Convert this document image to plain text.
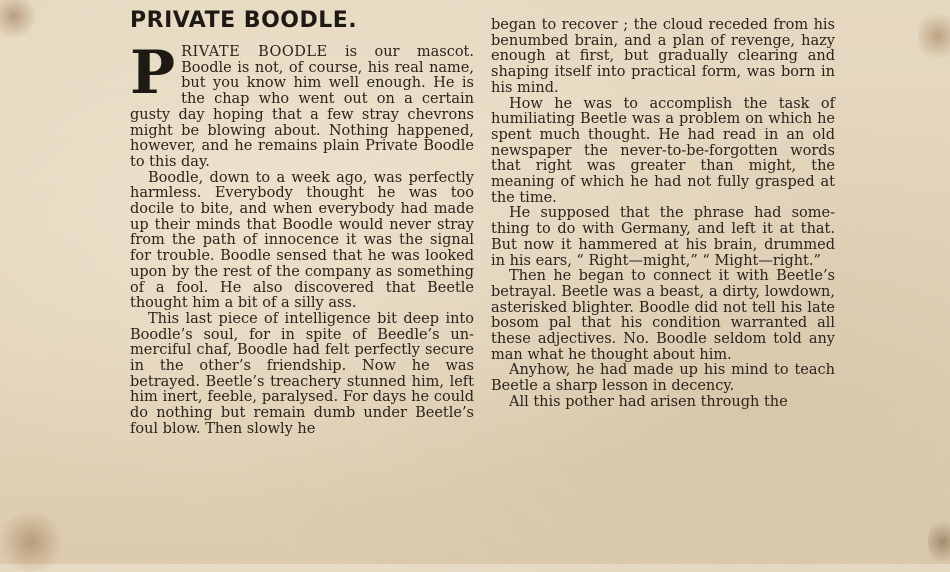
PRIVATE BOODLE.

PRIVATE BOODLE is our mascot. Boodle is not, of course, his real name, but you know him well enough. He is the chap who went out on a certain gusty day hoping that a few stray chevrons might be blowing about. Nothing happened, however, and he remains plain Private Boodle to this day.

Boodle, down to a week ago, was perfectly harmless. Everybody thought he was too docile to bite, and when everybody had made up their minds that Boodle would never stray from the path of innocence it was the signal for trouble. Boodle sensed that he was looked upon by the rest of the company as something of a fool. He also discovered that Beetle thought him a bit of a silly ass.

This last piece of intelligence bit deep into Boodle’s soul, for in spite of Beedle’s unmerciful chaf, Boodle had felt perfectly secure in the other’s friendship. Now he was betrayed. Beetle’s treachery stunned him, left him inert, feeble, paralysed. For days he could do nothing but remain dumb under Beetle’s foul blow. Then slowly he

began to recover ; the cloud receded from his benumbed brain, and a plan of revenge, hazy enough at first, but gradually clearing and shaping itself into practical form, was born in his mind.

How he was to accomplish the task of humiliating Beetle was a problem on which he spent much thought. He had read in an old newspaper the never-to-be-forgotten words that right was greater than might, the meaning of which he had not fully grasped at the time.

He supposed that the phrase had something to do with Germany, and left it at that. But now it hammered at his brain, drummed in his ears, “ Right—might,” “ Might—right.”

Then he began to connect it with Beetle’s betrayal. Beetle was a beast, a dirty, lowdown, asterisked blighter. Boodle did not tell his late bosom pal that his condition warranted all these adjectives. No. Boodle seldom told any man what he thought about him.

Anyhow, he had made up his mind to teach Beetle a sharp lesson in decency.

All this pother had arisen through the
